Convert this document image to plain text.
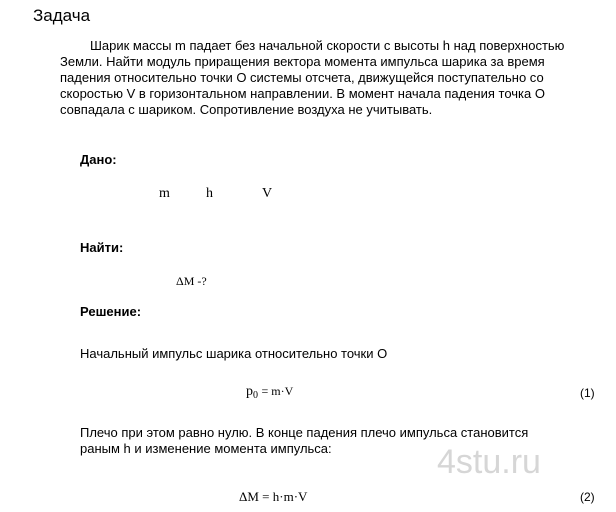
Задача
Шарик массы m падает без начальной скорости с высоты h над поверхностью
Земли. Найти модуль приращения вектора момента импульса шарика за время
падения относительно точки О системы отсчета, движущейся поступательно со
скоростью V в горизонтальном направлении. В момент начала падения точка О
совпадала с шариком. Сопротивление воздуха не учитывать.
Дано:
m	h	V
Найти:
ΔM -?
Решение:
Начальный импульс шарика относительно точки О
$p_0 = m\cdot V$	(1)
Плечо при этом равно нулю. В конце падения плечо импульса становится
раным h и изменение момента импульса:	4stu.ru
ΔM = h·m·V	(2)
